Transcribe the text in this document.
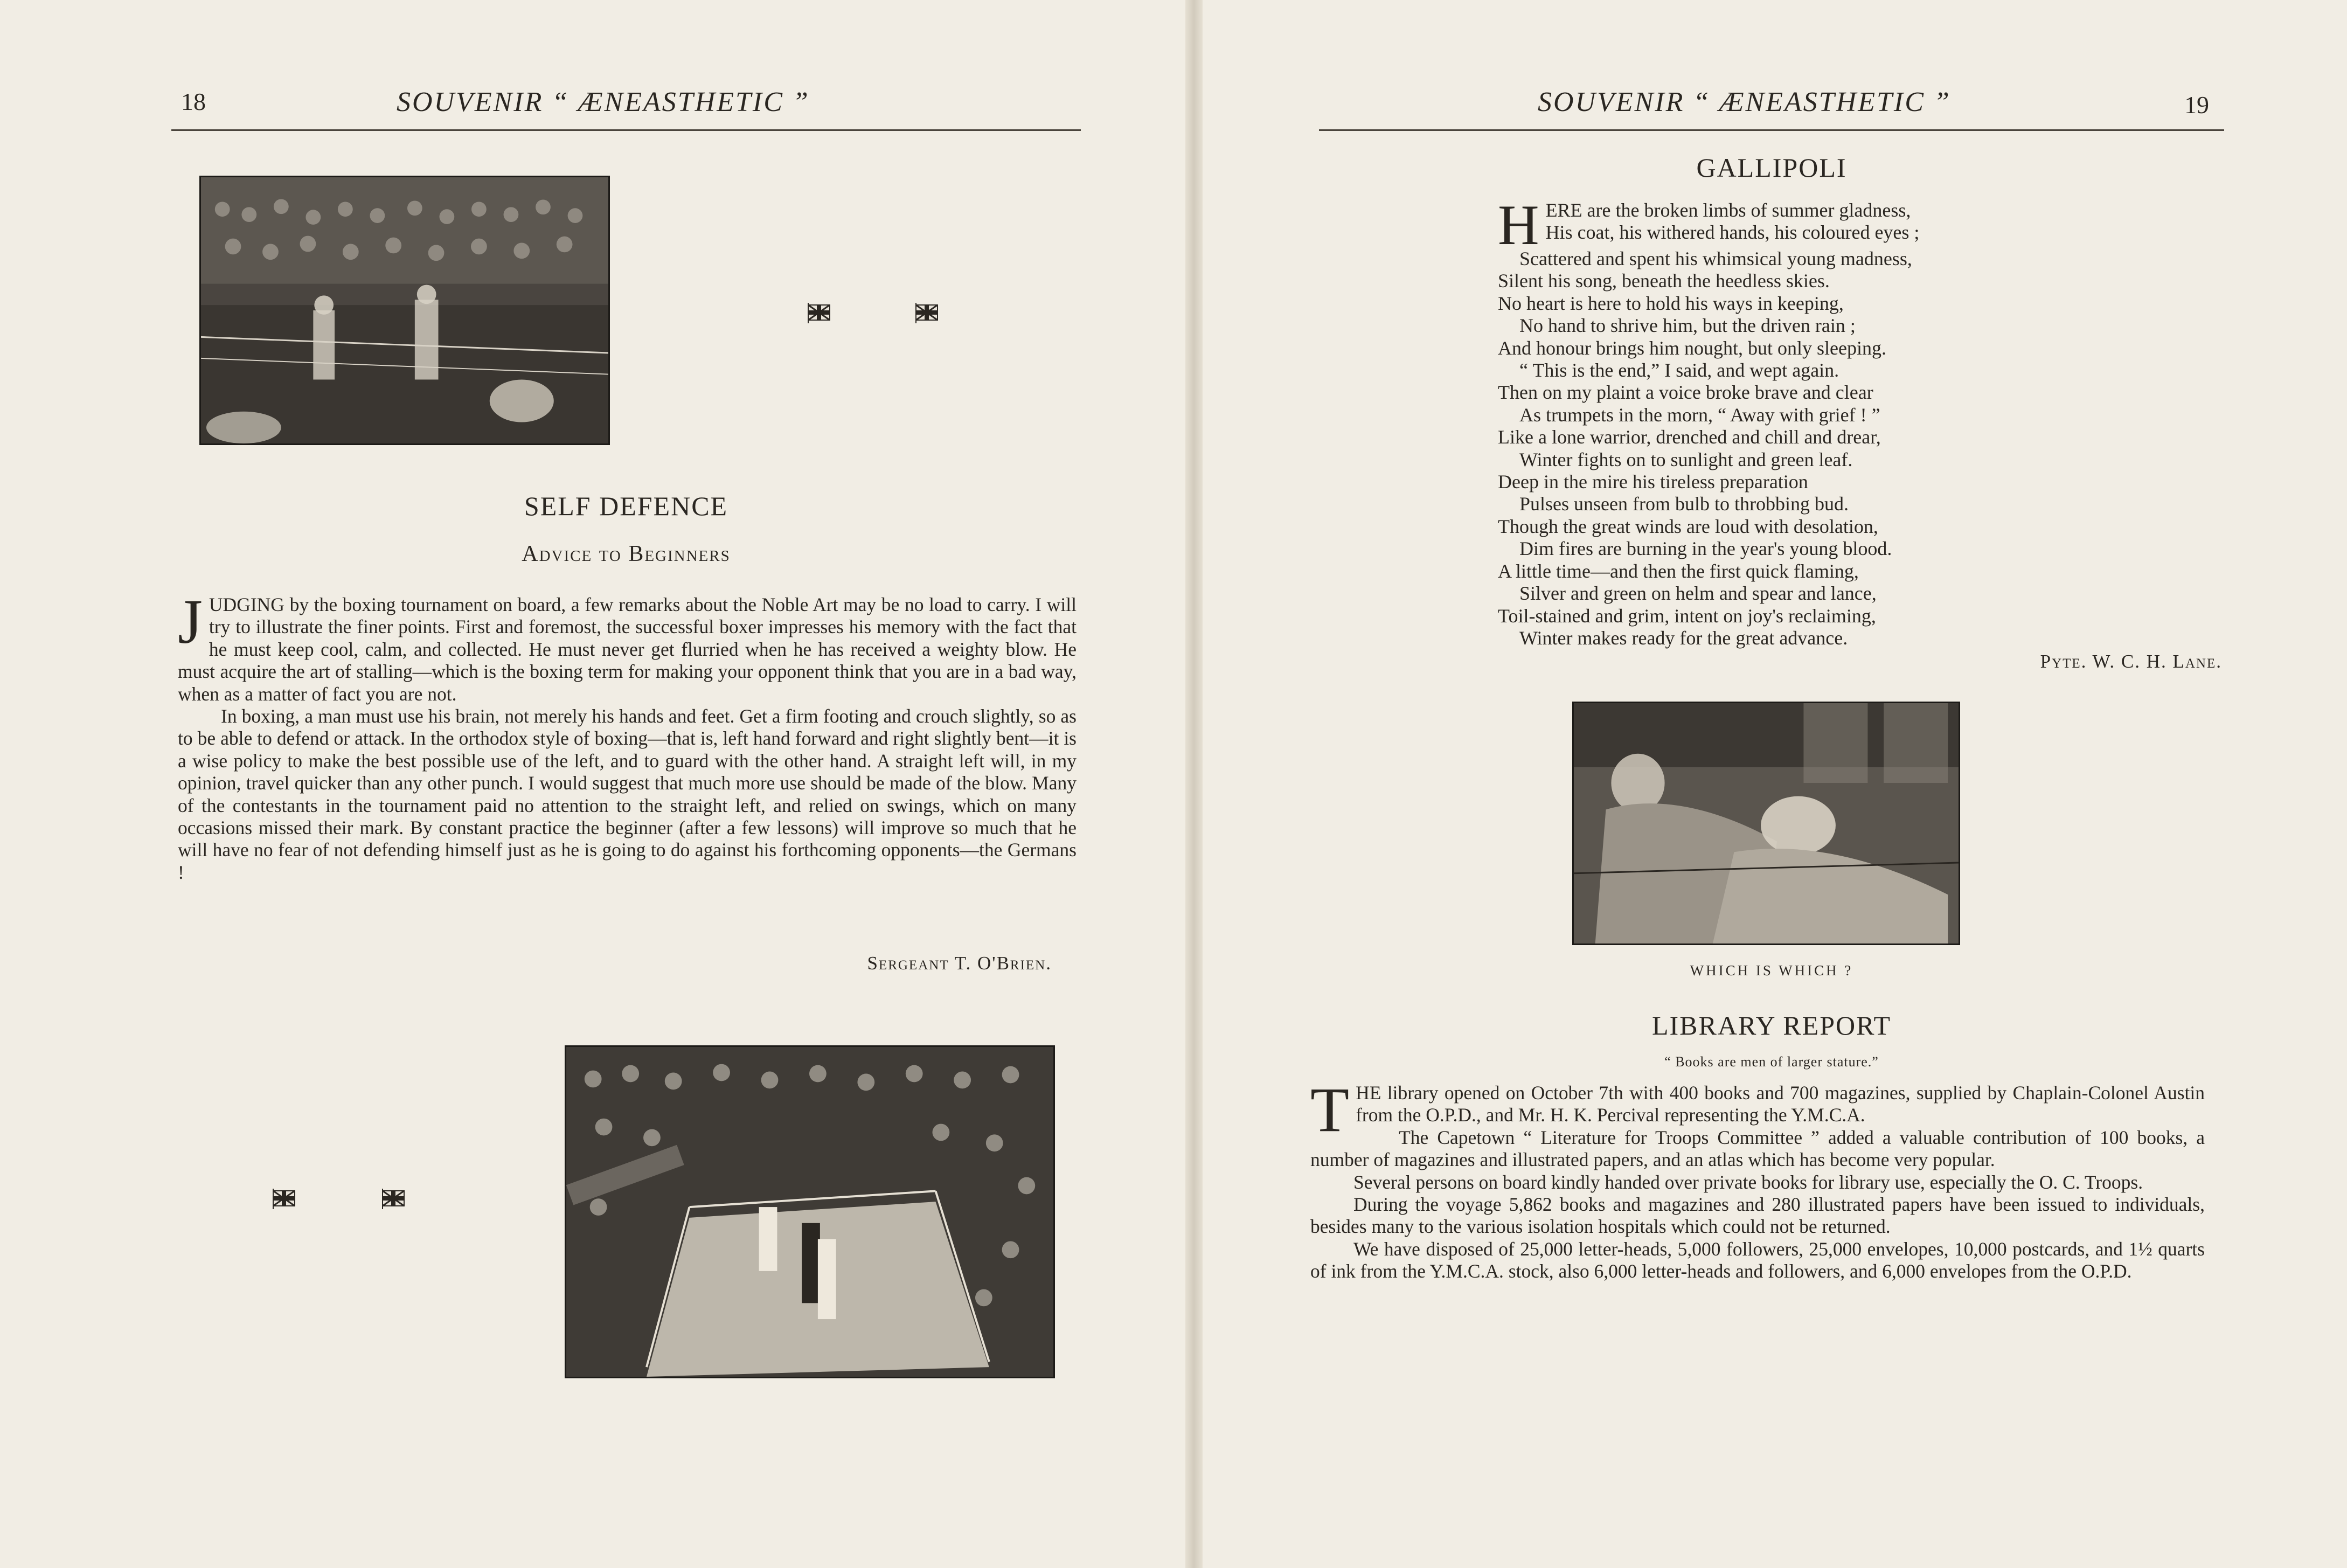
18	SOUVENIR “ ÆNEASTHETIC ”
SELF DEFENCE
Advice to Beginners

JUDGING by the boxing tournament on board, a few remarks about the Noble Art may be no load to carry. I will try to illustrate the finer points. First and foremost, the successful boxer impresses his memory with the fact that he must keep cool, calm, and collected. He must never get flurried when he has received a weighty blow. He must acquire the art of stalling—which is the boxing term for making your opponent think that you are in a bad way, when as a matter of fact you are not.

In boxing, a man must use his brain, not merely his hands and feet. Get a firm footing and crouch slightly, so as to be able to defend or attack. In the orthodox style of boxing—that is, left hand forward and right slightly bent—it is a wise policy to make the best possible use of the left, and to guard with the other hand. A straight left will, in my opinion, travel quicker than any other punch. I would suggest that much more use should be made of the blow. Many of the contestants in the tournament paid no attention to the straight left, and relied on swings, which on many occasions missed their mark. By constant practice the beginner (after a few lessons) will improve so much that he will have no fear of not defending himself just as he is going to do against his forthcoming opponents—the Germans !

Sergeant T. O'Brien.
SOUVENIR “ ÆNEASTHETIC ”	19
GALLIPOLI
H ERE are the broken limbs of summer gladness,
His coat, his withered hands, his coloured eyes ;
Scattered and spent his whimsical young madness,
Silent his song, beneath the heedless skies.
No heart is here to hold his ways in keeping,
No hand to shrive him, but the driven rain ;
And honour brings him nought, but only sleeping.
“ This is the end,” I said, and wept again.
Then on my plaint a voice broke brave and clear
As trumpets in the morn, “ Away with grief ! ”
Like a lone warrior, drenched and chill and drear,
Winter fights on to sunlight and green leaf.
Deep in the mire his tireless preparation
Pulses unseen from bulb to throbbing bud.
Though the great winds are loud with desolation,
Dim fires are burning in the year's young blood.
A little time—and then the first quick flaming,
Silver and green on helm and spear and lance,
Toil-stained and grim, intent on joy's reclaiming,
Winter makes ready for the great advance.
Pyte. W. C. H. Lane.
WHICH IS WHICH ?
LIBRARY REPORT
“ Books are men of larger stature.”

THE library opened on October 7th with 400 books and 700 magazines, supplied by Chaplain-Colonel Austin from the O.P.D., and Mr. H. K. Percival representing the Y.M.C.A.

The Capetown “ Literature for Troops Committee ” added a valuable contribution of 100 books, a number of magazines and illustrated papers, and an atlas which has become very popular.

Several persons on board kindly handed over private books for library use, especially the O. C. Troops.

During the voyage 5,862 books and magazines and 280 illustrated papers have been issued to individuals, besides many to the various isolation hospitals which could not be returned.

We have disposed of 25,000 letter-heads, 5,000 followers, 25,000 envelopes, 10,000 postcards, and 1½ quarts of ink from the Y.M.C.A. stock, also 6,000 letter-heads and followers, and 6,000 envelopes from the O.P.D.
